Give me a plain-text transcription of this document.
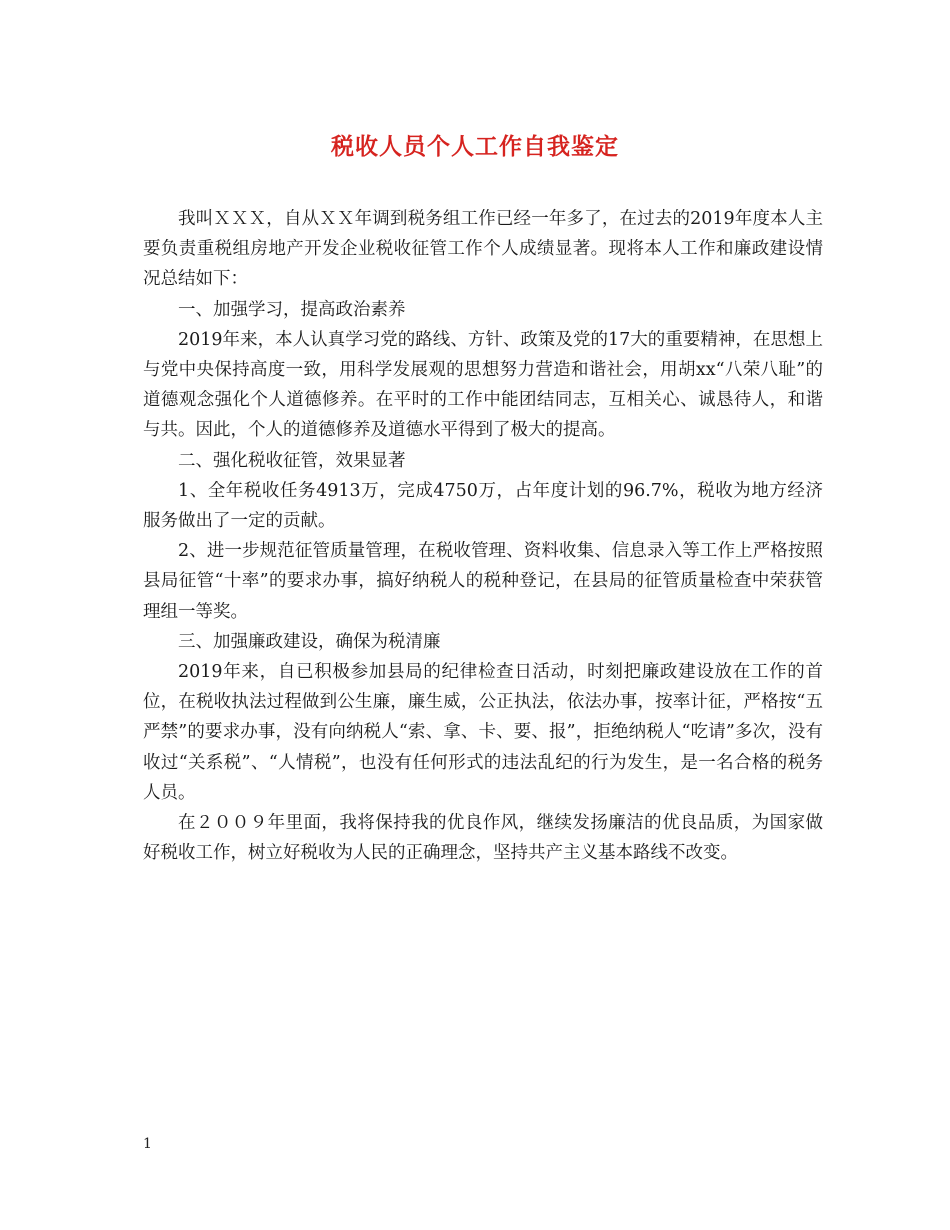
税收人员个人工作自我鉴定

我叫ＸＸＸ，自从ＸＸ年调到税务组工作已经一年多了，在过去的2019年度本人主要负责重税组房地产开发企业税收征管工作个人成绩显著。现将本人工作和廉政建设情况总结如下：

一、加强学习，提高政治素养

2019年来，本人认真学习党的路线、方针、政策及党的17大的重要精神，在思想上与党中央保持高度一致，用科学发展观的思想努力营造和谐社会，用胡xx“八荣八耻”的道德观念强化个人道德修养。在平时的工作中能团结同志，互相关心、诚恳待人，和谐与共。因此，个人的道德修养及道德水平得到了极大的提高。

二、强化税收征管，效果显著

1、全年税收任务4913万，完成4750万，占年度计划的96.7%，税收为地方经济服务做出了一定的贡献。

2、进一步规范征管质量管理，在税收管理、资料收集、信息录入等工作上严格按照县局征管“十率”的要求办事，搞好纳税人的税种登记，在县局的征管质量检查中荣获管理组一等奖。

三、加强廉政建设，确保为税清廉

2019年来，自已积极参加县局的纪律检查日活动，时刻把廉政建设放在工作的首位，在税收执法过程做到公生廉，廉生威，公正执法，依法办事，按率计征，严格按“五严禁”的要求办事，没有向纳税人“索、拿、卡、要、报”，拒绝纳税人“吃请”多次，没有收过“关系税”、“人情税”，也没有任何形式的违法乱纪的行为发生，是一名合格的税务人员。

在２００９年里面，我将保持我的优良作风，继续发扬廉洁的优良品质，为国家做好税收工作，树立好税收为人民的正确理念，坚持共产主义基本路线不改变。

1
